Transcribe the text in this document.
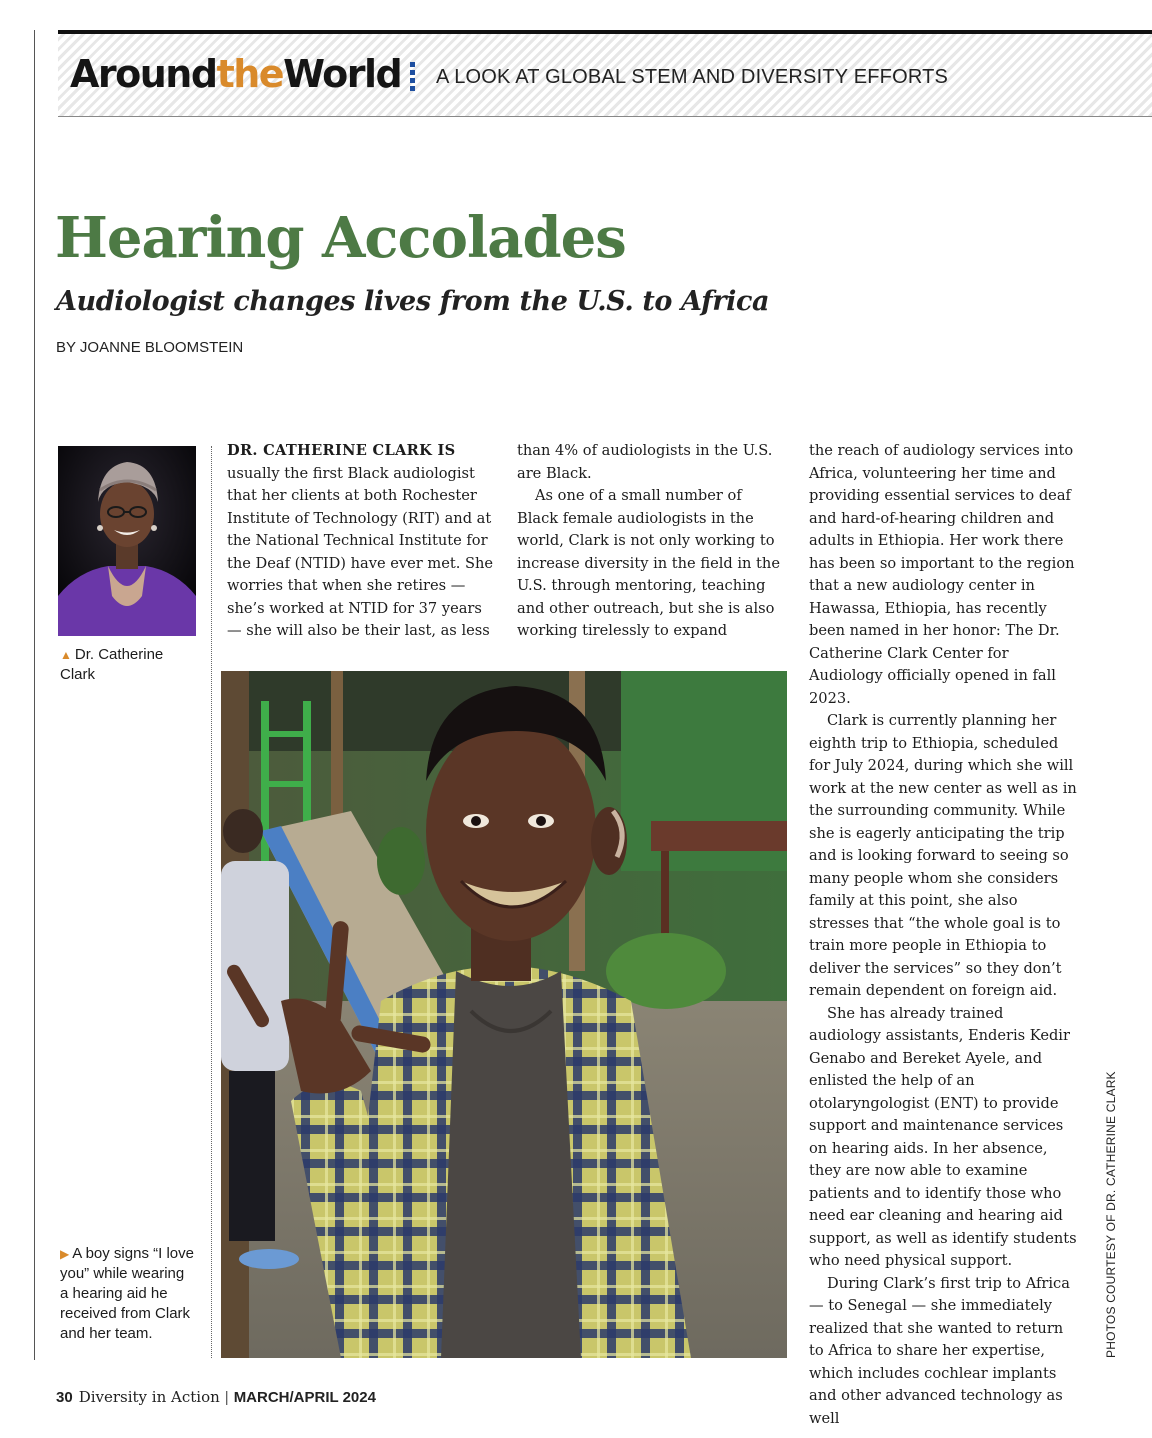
AroundtheWorld A LOOK AT GLOBAL STEM AND DIVERSITY EFFORTS
Hearing Accolades
Audiologist changes lives from the U.S. to Africa
BY JOANNE BLOOMSTEIN
▲ Dr. Catherine Clark

DR. CATHERINE CLARK IS usually the first Black audiologist that her clients at both Rochester Institute of Technology (RIT) and at the National Technical Institute for the Deaf (NTID) have ever met. She worries that when she retires — she’s worked at NTID for 37 years — she will also be their last, as less

than 4% of audiologists in the U.S. are Black.

As one of a small number of Black female audiologists in the world, Clark is not only working to increase diversity in the field in the U.S. through mentoring, teaching and other outreach, but she is also working tirelessly to expand

the reach of audiology services into Africa, volunteering her time and providing essential services to deaf and hard-of-hearing children and adults in Ethiopia. Her work there has been so important to the region that a new audiology center in Hawassa, Ethiopia, has recently been named in her honor: The Dr. Catherine Clark Center for Audiology officially opened in fall 2023.

Clark is currently planning her eighth trip to Ethiopia, scheduled for July 2024, during which she will work at the new center as well as in the surrounding community. While she is eagerly anticipating the trip and is looking forward to seeing so many people whom she considers family at this point, she also stresses that “the whole goal is to train more people in Ethiopia to deliver the services” so they don’t remain dependent on foreign aid.

She has already trained audiology assistants, Enderis Kedir Genabo and Bereket Ayele, and enlisted the help of an otolaryngologist (ENT) to provide support and maintenance services on hearing aids. In her absence, they are now able to examine patients and to identify those who need ear cleaning and hearing aid support, as well as identify students who need physical support.

During Clark’s first trip to Africa — to Senegal — she immediately realized that she wanted to return to Africa to share her expertise, which includes cochlear implants and other advanced technology as well

▶ A boy signs “I love you” while wearing a hearing aid he received from Clark and her team.	PHOTOS COURTESY OF DR. CATHERINE CLARK
30 Diversity in Action | MARCH/APRIL 2024
